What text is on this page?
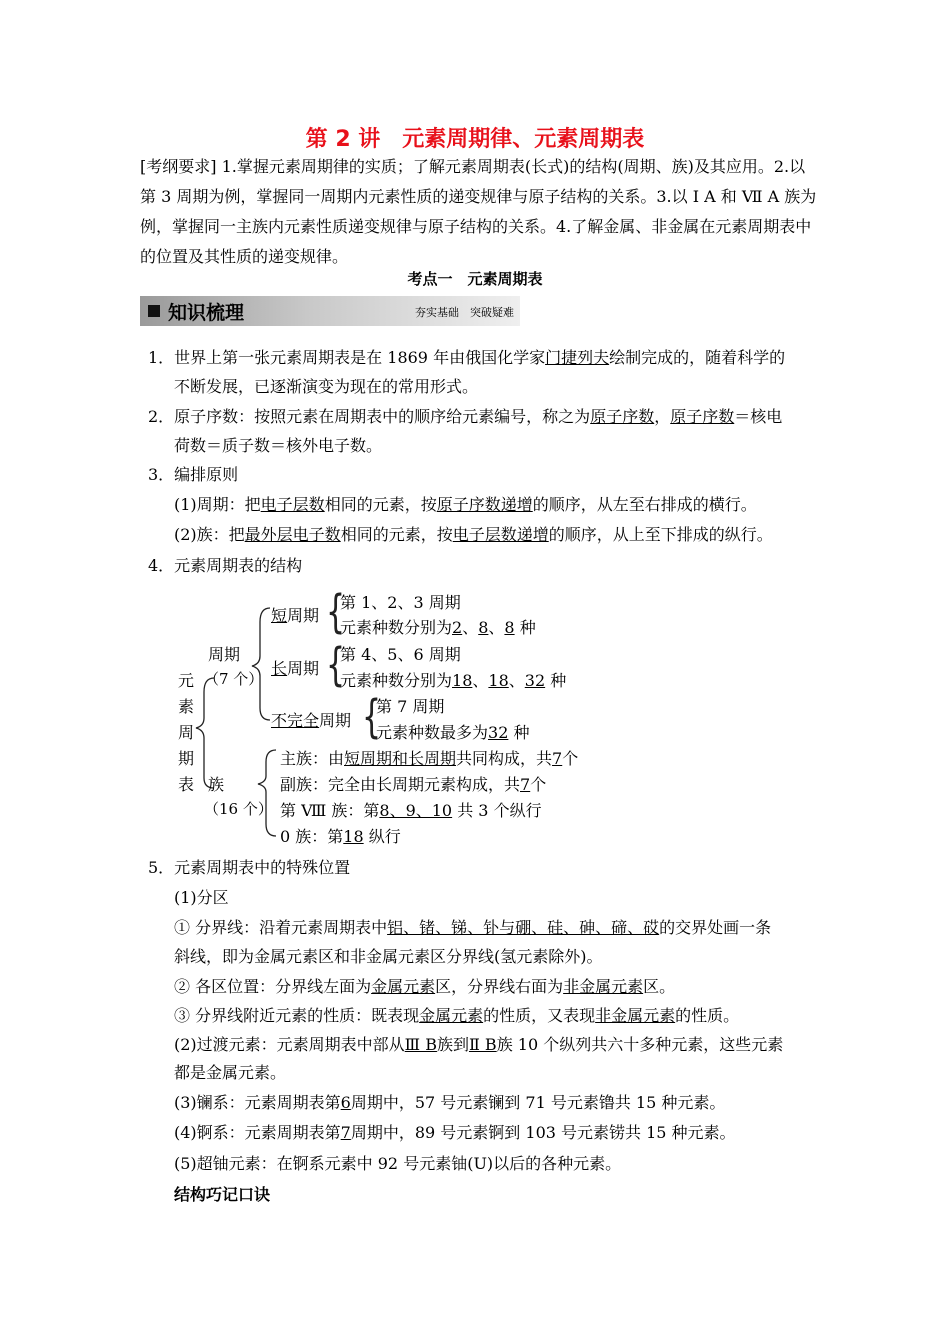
第 2 讲　元素周期律、元素周期表
[考纲要求] 1.掌握元素周期律的实质；了解元素周期表(长式)的结构(周期、族)及其应用。2.以第 3 周期为例，掌握同一周期内元素性质的递变规律与原子结构的关系。3.以 Ⅰ A 和 Ⅶ A 族为例，掌握同一主族内元素性质递变规律与原子结构的关系。4.了解金属、非金属在元素周期表中的位置及其性质的递变规律。
考点一　元素周期表
知识梳理	夯实基础　突破疑难
1．世界上第一张元素周期表是在 1869 年由俄国化学家门捷列夫绘制完成的，随着科学的
不断发展，已逐渐演变为现在的常用形式。
2．原子序数：按照元素在周期表中的顺序给元素编号，称之为原子序数，原子序数＝核电
荷数＝质子数＝核外电子数。
3．编排原则
(1)周期：把电子层数相同的元素，按原子序数递增的顺序，从左至右排成的横行。
(2)族：把最外层电子数相同的元素，按电子层数递增的顺序，从上至下排成的纵行。
4．元素周期表的结构
元
素
周
期
表
周期
（7 个）
族
（16 个）
短周期 {
第 1、2、3 周期
元素种数分别为2、8、8 种
长周期 {
第 4、5、6 周期
元素种数分别为18、18、32 种
不完全周期 {
第 7 周期
元素种数最多为32 种
主族：由短周期和长周期共同构成，共7个
副族：完全由长周期元素构成，共7个
第 Ⅷ 族：第8、9、10 共 3 个纵行
0 族：第18 纵行
5．元素周期表中的特殊位置
(1)分区
① 分界线：沿着元素周期表中铝、锗、锑、钋与硼、硅、砷、碲、砹的交界处画一条
斜线，即为金属元素区和非金属元素区分界线(氢元素除外)。
② 各区位置：分界线左面为金属元素区，分界线右面为非金属元素区。
③ 分界线附近元素的性质：既表现金属元素的性质，又表现非金属元素的性质。
(2)过渡元素：元素周期表中部从Ⅲ B族到Ⅱ B族 10 个纵列共六十多种元素，这些元素
都是金属元素。
(3)镧系：元素周期表第6周期中，57 号元素镧到 71 号元素镥共 15 种元素。
(4)锕系：元素周期表第7周期中，89 号元素锕到 103 号元素铹共 15 种元素。
(5)超铀元素：在锕系元素中 92 号元素铀(U)以后的各种元素。
结构巧记口诀
